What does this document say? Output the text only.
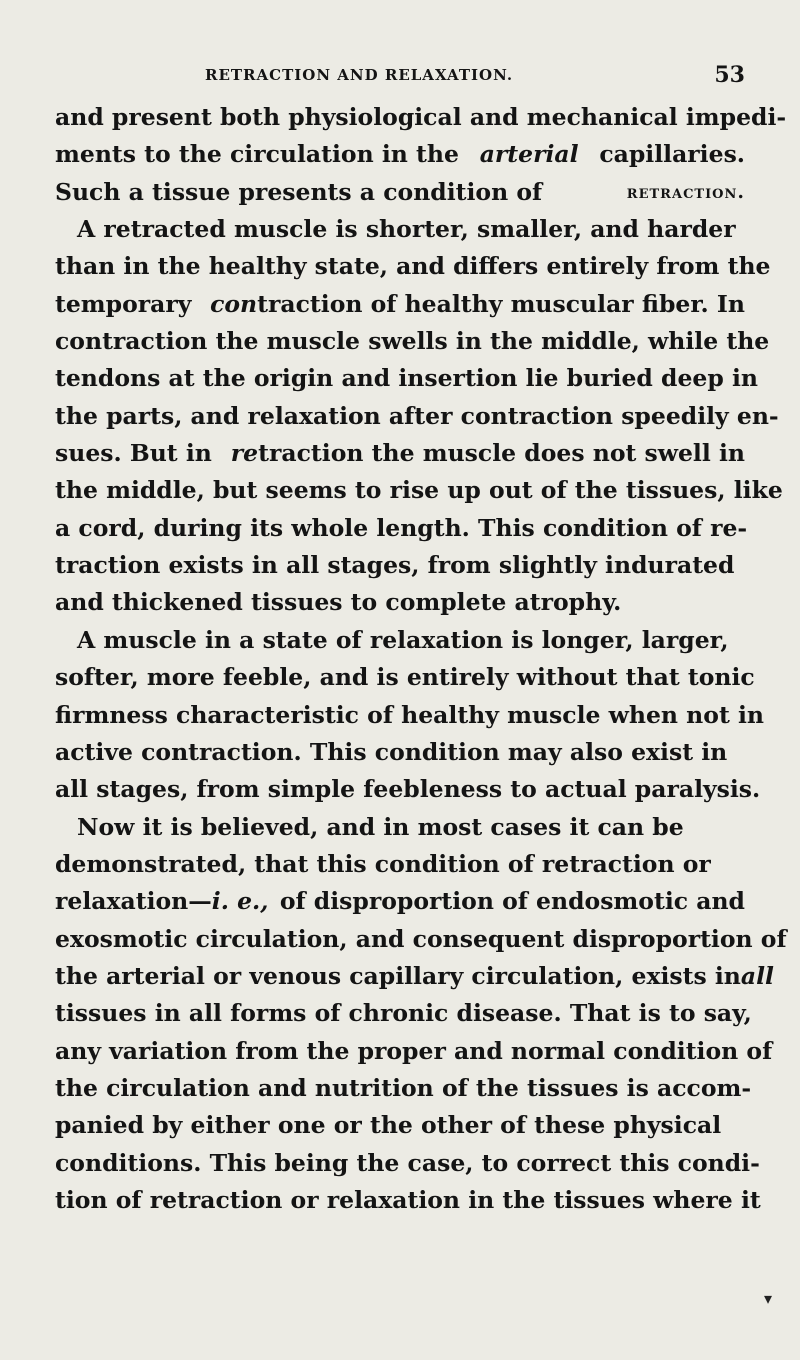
RETRACTION AND RELAXATION.	53
and present both physiological and mechanical impedi-
ments to the circulation in the arterial capillaries.
Such a tissue presents a condition of	retraction.
A retracted muscle is shorter, smaller, and harder
than in the healthy state, and differs entirely from the
temporary contraction of healthy muscular fiber. In
contraction the muscle swells in the middle, while the
tendons at the origin and insertion lie buried deep in
the parts, and relaxation after contraction speedily en-
sues. But in retraction the muscle does not swell in
the middle, but seems to rise up out of the tissues, like
a cord, during its whole length. This condition of re-
traction exists in all stages, from slightly indurated
and thickened tissues to complete atrophy.
A muscle in a state of relaxation is longer, larger,
softer, more feeble, and is entirely without that tonic
firmness characteristic of healthy muscle when not in
active contraction. This condition may also exist in
all stages, from simple feebleness to actual paralysis.
Now it is believed, and in most cases it can be
demonstrated, that this condition of retraction or
relaxation—i. e., of disproportion of endosmotic and
exosmotic circulation, and consequent disproportion of
the arterial or venous capillary circulation, exists in all
tissues in all forms of chronic disease. That is to say,
any variation from the proper and normal condition of
the circulation and nutrition of the tissues is accom-
panied by either one or the other of these physical
conditions. This being the case, to correct this condi-
tion of retraction or relaxation in the tissues where it
▾
